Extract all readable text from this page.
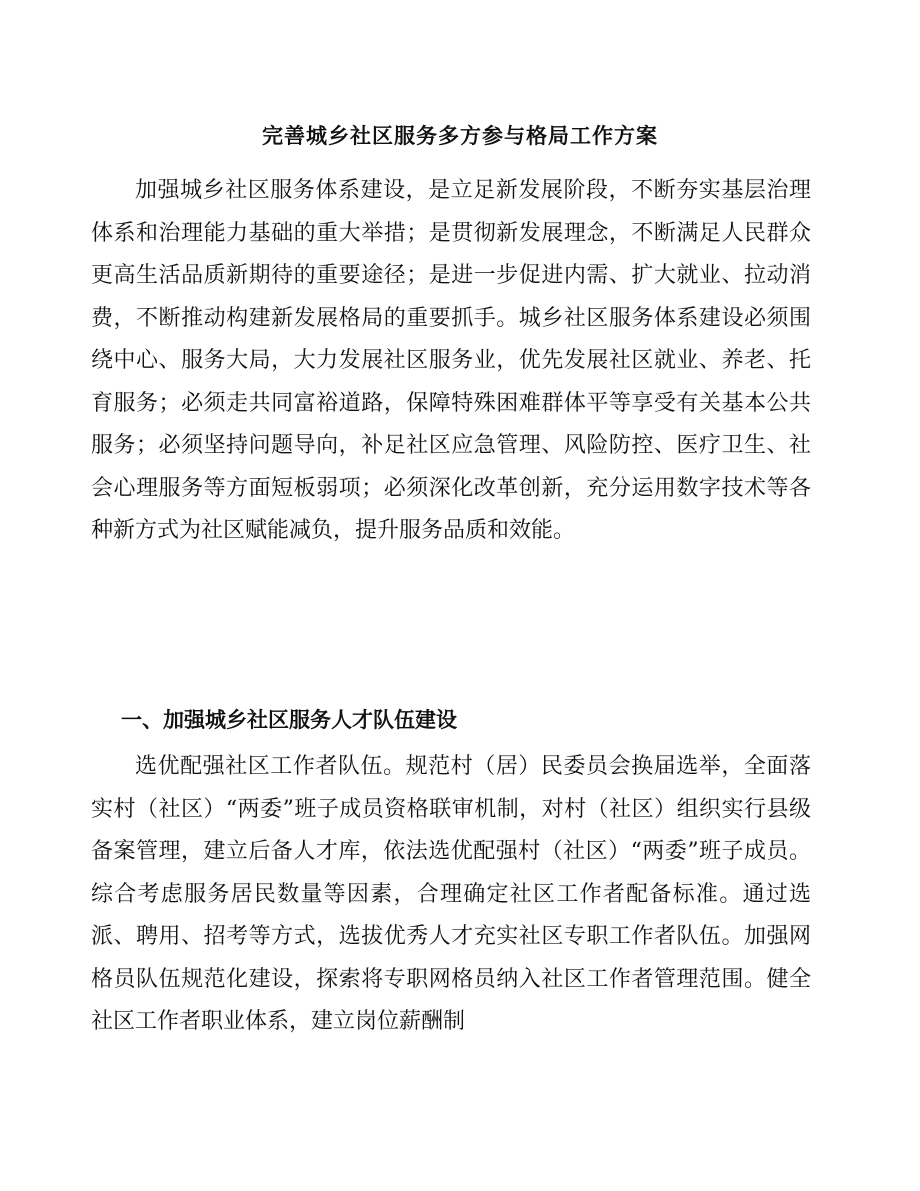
完善城乡社区服务多方参与格局工作方案

加强城乡社区服务体系建设，是立足新发展阶段，不断夯实基层治理体系和治理能力基础的重大举措；是贯彻新发展理念，不断满足人民群众更高生活品质新期待的重要途径；是进一步促进内需、扩大就业、拉动消费，不断推动构建新发展格局的重要抓手。城乡社区服务体系建设必须围绕中心、服务大局，大力发展社区服务业，优先发展社区就业、养老、托育服务；必须走共同富裕道路，保障特殊困难群体平等享受有关基本公共服务；必须坚持问题导向，补足社区应急管理、风险防控、医疗卫生、社会心理服务等方面短板弱项；必须深化改革创新，充分运用数字技术等各种新方式为社区赋能减负，提升服务品质和效能。

一、加强城乡社区服务人才队伍建设

选优配强社区工作者队伍。规范村（居）民委员会换届选举，全面落实村（社区）“两委”班子成员资格联审机制，对村（社区）组织实行县级备案管理，建立后备人才库，依法选优配强村（社区）“两委”班子成员。综合考虑服务居民数量等因素，合理确定社区工作者配备标准。通过选派、聘用、招考等方式，选拔优秀人才充实社区专职工作者队伍。加强网格员队伍规范化建设，探索将专职网格员纳入社区工作者管理范围。健全社区工作者职业体系，建立岗位薪酬制
